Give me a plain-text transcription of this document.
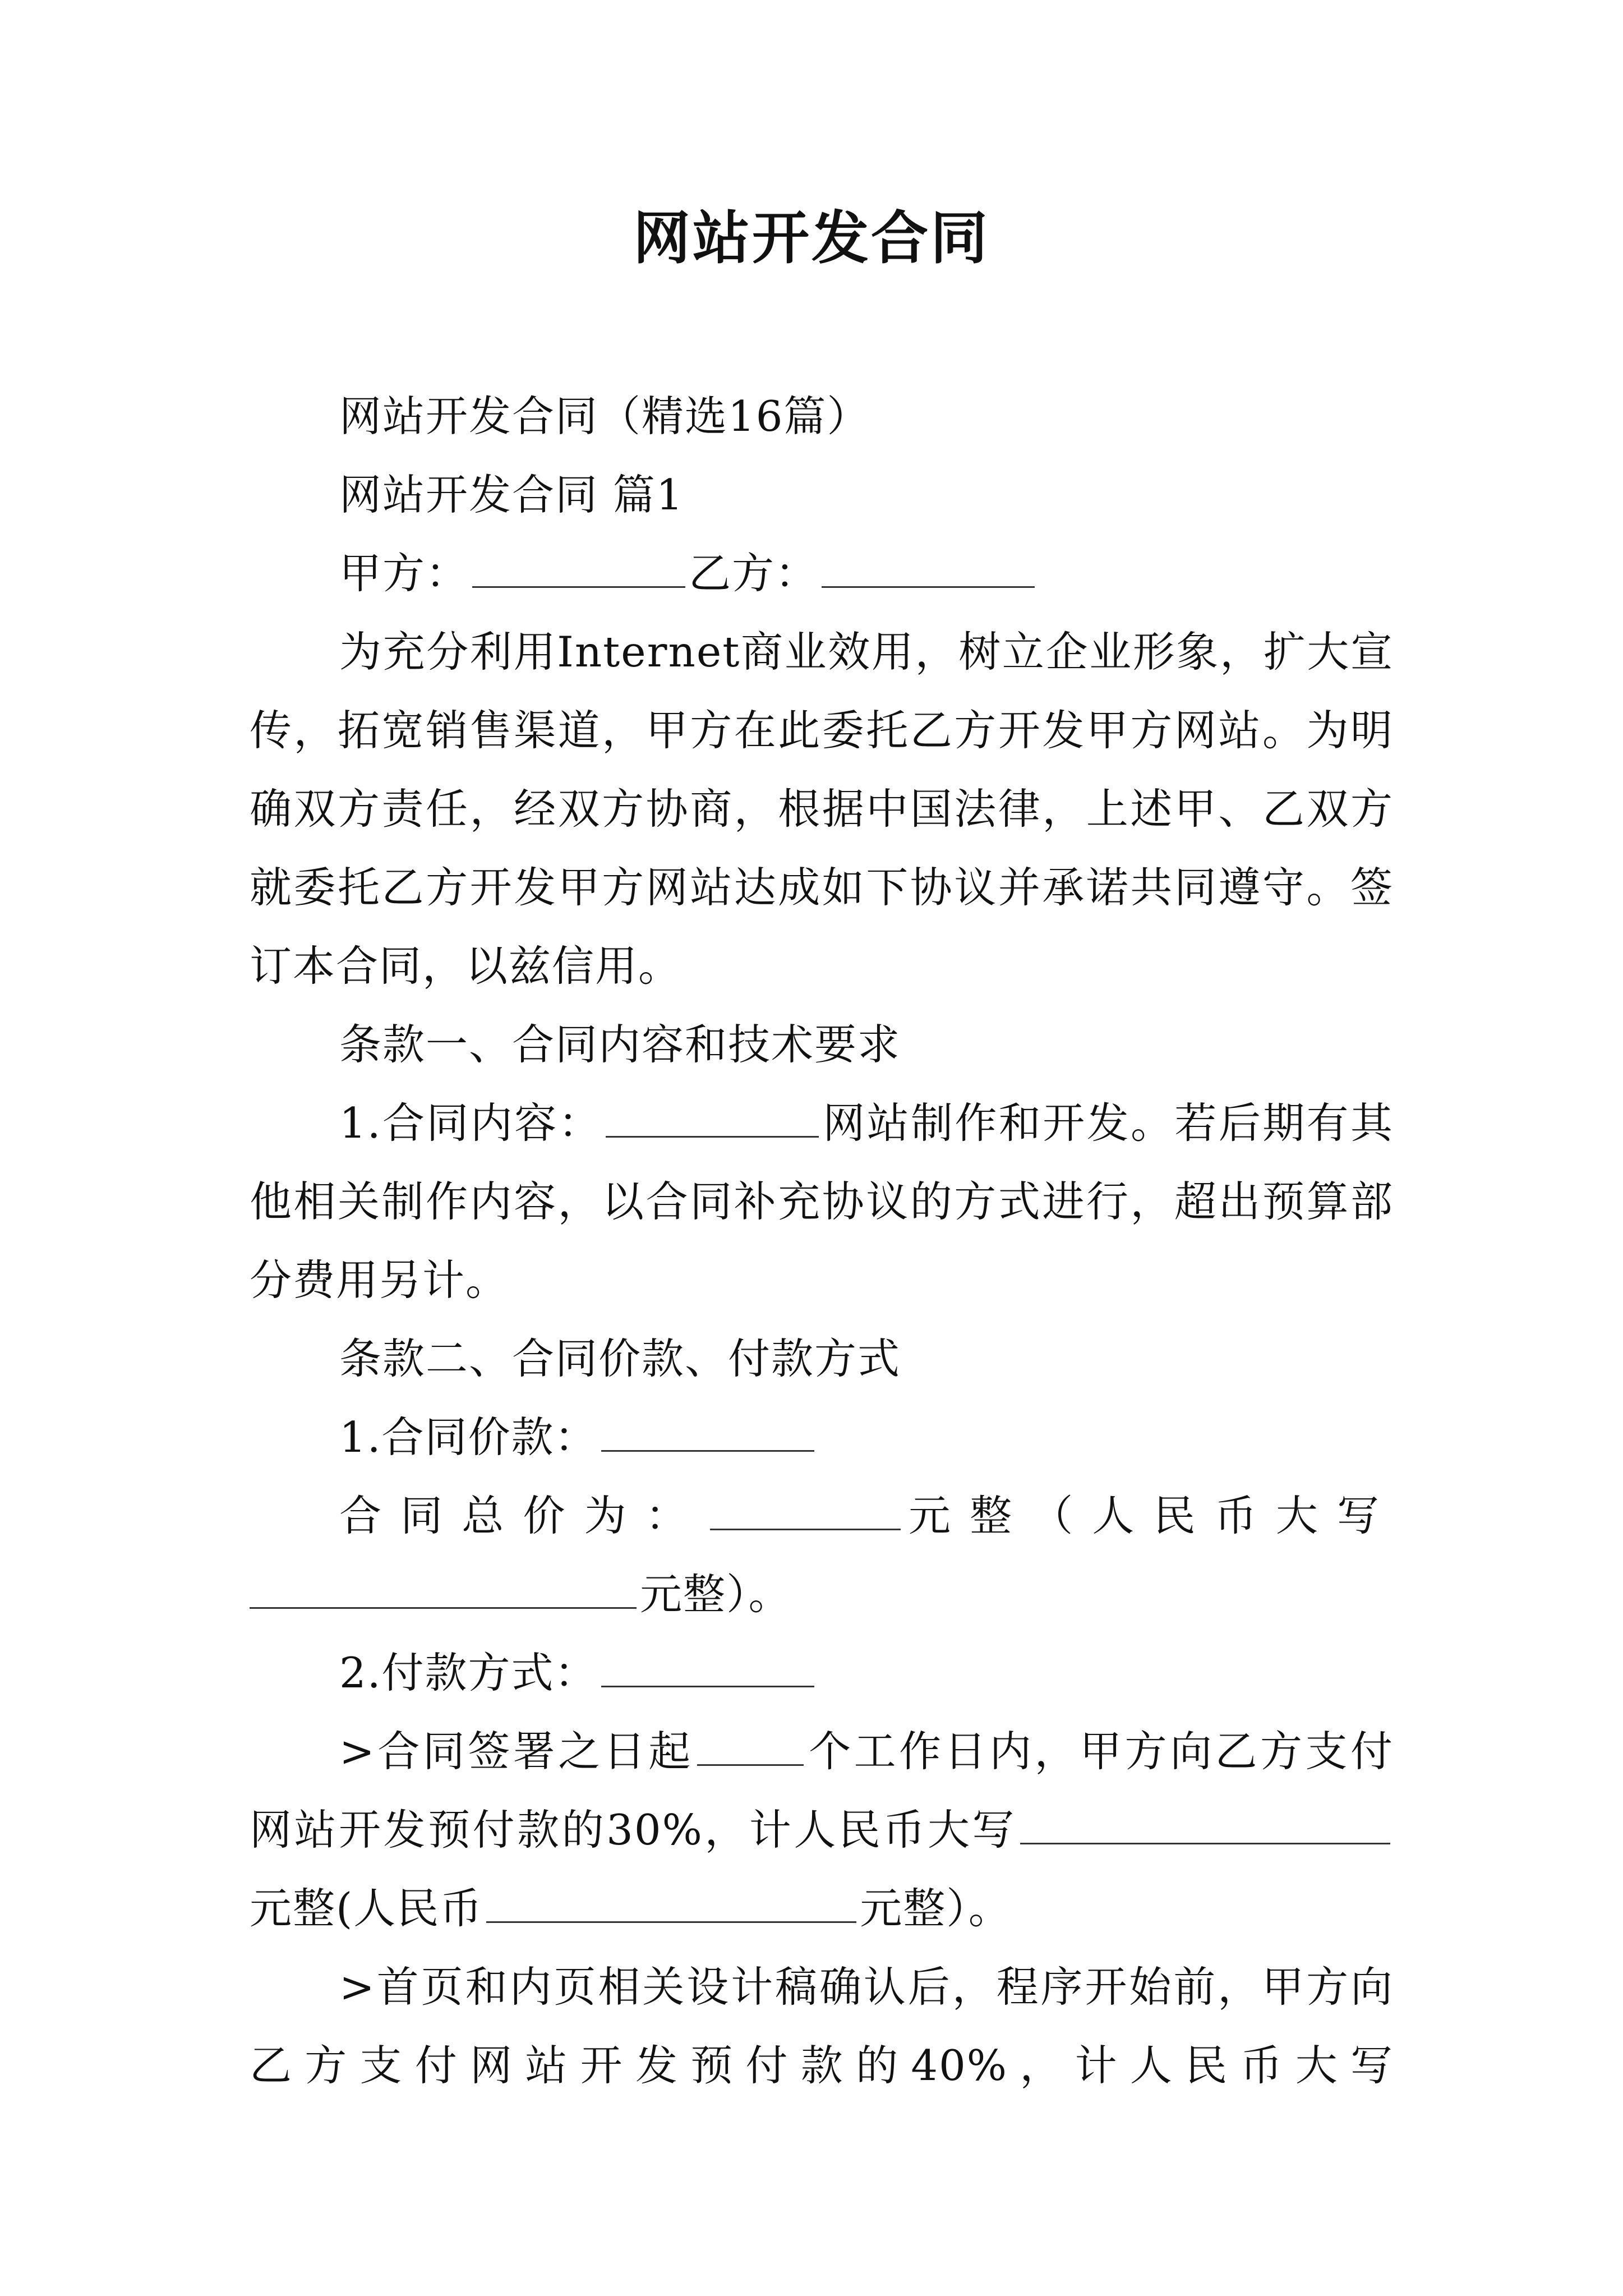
网站开发合同

网站开发合同（精选16篇）

网站开发合同 篇1

甲方：	乙方：

为充分利用Internet商业效用，树立企业形象，扩大宣传，拓宽销售渠道，甲方在此委托乙方开发甲方网站。为明确双方责任，经双方协商，根据中国法律，上述甲、乙双方就委托乙方开发甲方网站达成如下协议并承诺共同遵守。签订本合同，以兹信用。

条款一、合同内容和技术要求

1.合同内容：	网站制作和开发。若后期有其他相关制作内容，以合同补充协议的方式进行，超出预算部分费用另计。

条款二、合同价款、付款方式

1.合同价款：

合同总价为：	元整（人民币大写

元整）。

2.付款方式：

>合同签署之日起	个工作日内，甲方向乙方支付网站开发预付款的30%，计人民币大写元整(人民币	元整）。

>首页和内页相关设计稿确认后，程序开始前，甲方向乙方支付网站开发预付款的40%，计人民币大写
